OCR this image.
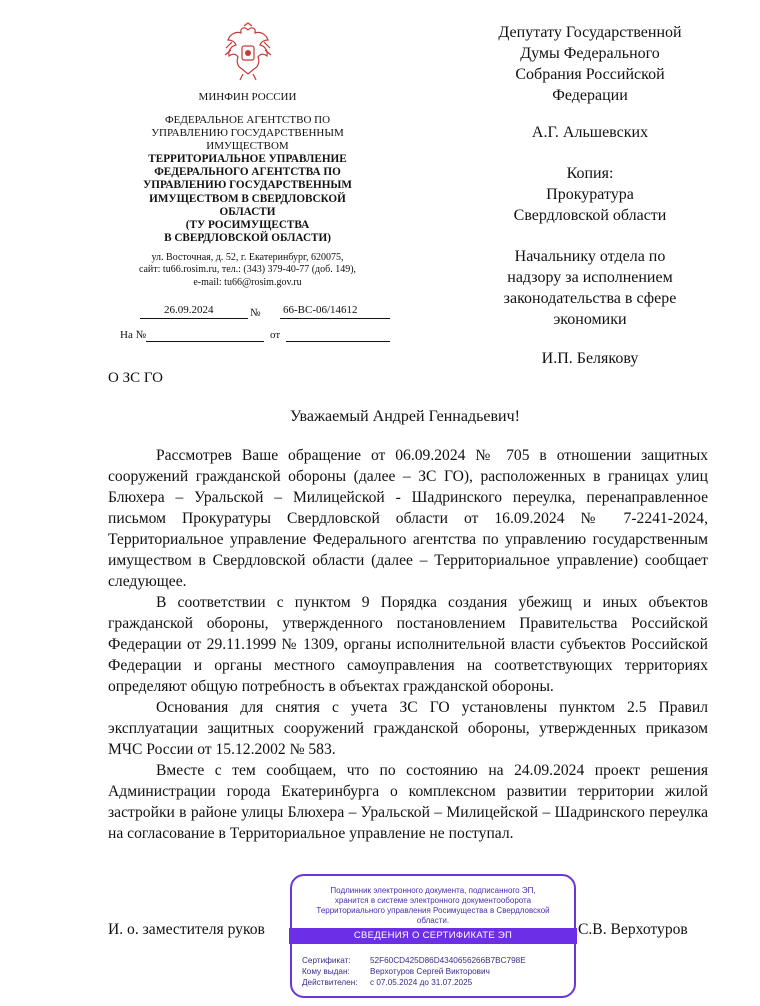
МИНФИН РОССИИ
ФЕДЕРАЛЬНОЕ АГЕНТСТВО ПО
УПРАВЛЕНИЮ ГОСУДАРСТВЕННЫМ
ИМУЩЕСТВОМ
ТЕРРИТОРИАЛЬНОЕ УПРАВЛЕНИЕ
ФЕДЕРАЛЬНОГО АГЕНТСТВА ПО
УПРАВЛЕНИЮ ГОСУДАРСТВЕННЫМ
ИМУЩЕСТВОМ В СВЕРДЛОВСКОЙ
ОБЛАСТИ
(ТУ РОСИМУЩЕСТВА
В СВЕРДЛОВСКОЙ ОБЛАСТИ)
ул. Восточная, д. 52, г. Екатеринбург, 620075,
сайт: tu66.rosim.ru, тел.: (343) 379-40-77 (доб. 149),
e-mail: tu66@rosim.gov.ru
26.09.2024	№ 66-ВС-06/14612
На №	от
Депутату Государственной
Думы Федерального
Собрания Российской
Федерации
А.Г. Альшевских
Копия:
Прокуратура
Свердловской области
Начальнику отдела по
надзору за исполнением
законодательства в сфере
экономики
И.П. Белякову
О ЗС ГО
Уважаемый Андрей Геннадьевич!

Рассмотрев Ваше обращение от 06.09.2024 № 705 в отношении защитных сооружений гражданской обороны (далее – ЗС ГО), расположенных в границах улиц Блюхера – Уральской – Милицейской - Шадринского переулка, перенаправленное письмом Прокуратуры Свердловской области от 16.09.2024 № 7-2241-2024, Территориальное управление Федерального агентства по управлению государственным имуществом в Свердловской области (далее – Территориальное управление) сообщает следующее.

В соответствии с пунктом 9 Порядка создания убежищ и иных объектов гражданской обороны, утвержденного постановлением Правительства Российской Федерации от 29.11.1999 № 1309, органы исполнительной власти субъектов Российской Федерации и органы местного самоуправления на соответствующих территориях определяют общую потребность в объектах гражданской обороны.

Основания для снятия с учета ЗС ГО установлены пунктом 2.5 Правил эксплуатации защитных сооружений гражданской обороны, утвержденных приказом МЧС России от 15.12.2002 № 583.

Вместе с тем сообщаем, что по состоянию на 24.09.2024 проект решения Администрации города Екатеринбурга о комплексном развитии территории жилой застройки в районе улицы Блюхера – Уральской – Милицейской – Шадринского переулка на согласование в Территориальное управление не поступал.

И. о. заместителя руков	С.В. Верхотуров
Подлинник электронного документа, подписанного ЭП,
хранится в системе электронного документооборота
Территориального управления Росимущества в Свердловской
области.
СВЕДЕНИЯ О СЕРТИФИКАТЕ ЭП
Сертификат: 52F60CD425D86D4340656266B7BC798E
Кому выдан: Верхотуров Сергей Викторович
Действителен: с 07.05.2024 до 31.07.2025
